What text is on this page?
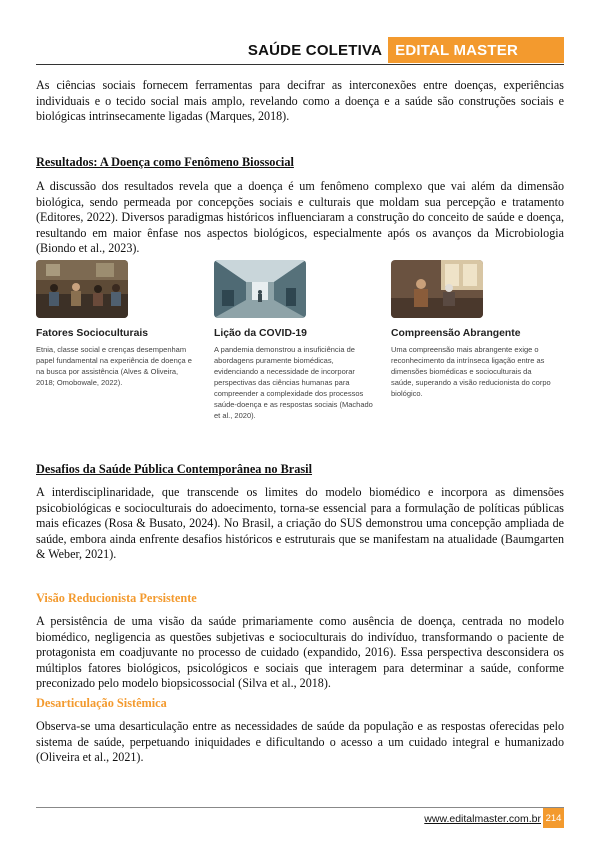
SAÚDE COLETIVA EDITAL MASTER

As ciências sociais fornecem ferramentas para decifrar as interconexões entre doenças, experiências individuais e o tecido social mais amplo, revelando como a doença e a saúde são construções sociais e biológicas intrinsecamente ligadas (Marques, 2018).

Resultados: A Doença como Fenômeno Biossocial

A discussão dos resultados revela que a doença é um fenômeno complexo que vai além da dimensão biológica, sendo permeada por concepções sociais e culturais que moldam sua percepção e tratamento (Editores, 2022). Diversos paradigmas históricos influenciaram a construção do conceito de saúde e doença, resultando em maior ênfase nos aspectos biológicos, especialmente após os avanços da Microbiologia (Biondo et al., 2023).

Fatores Socioculturais
Etnia, classe social e crenças desempenham papel fundamental na experiência de doença e na busca por assistência (Alves & Oliveira, 2018; Omobowale, 2022).
Lição da COVID-19
A pandemia demonstrou a insuficiência de abordagens puramente biomédicas, evidenciando a necessidade de incorporar perspectivas das ciências humanas para compreender a complexidade dos processos saúde-doença e as respostas sociais (Machado et al., 2020).
Compreensão Abrangente
Uma compreensão mais abrangente exige o reconhecimento da intrínseca ligação entre as dimensões biomédicas e socioculturais da saúde, superando a visão reducionista do corpo biológico.
Desafios da Saúde Pública Contemporânea no Brasil

A interdisciplinaridade, que transcende os limites do modelo biomédico e incorpora as dimensões psicobiológicas e socioculturais do adoecimento, torna-se essencial para a formulação de políticas públicas mais eficazes (Rosa & Busato, 2024). No Brasil, a criação do SUS demonstrou uma concepção ampliada de saúde, embora ainda enfrente desafios históricos e estruturais que se manifestam na atualidade (Baumgarten & Weber, 2021).

Visão Reducionista Persistente

A persistência de uma visão da saúde primariamente como ausência de doença, centrada no modelo biomédico, negligencia as questões subjetivas e socioculturais do indivíduo, transformando o paciente de protagonista em coadjuvante no processo de cuidado (expandido, 2016). Essa perspectiva desconsidera os múltiplos fatores biológicos, psicológicos e sociais que interagem para determinar a saúde, conforme preconizado pelo modelo biopsicossocial (Silva et al., 2018).

Desarticulação Sistêmica

Observa-se uma desarticulação entre as necessidades de saúde da população e as respostas oferecidas pelo sistema de saúde, perpetuando iniquidades e dificultando o acesso a um cuidado integral e humanizado (Oliveira et al., 2021).

www.editalmaster.com.br 214
